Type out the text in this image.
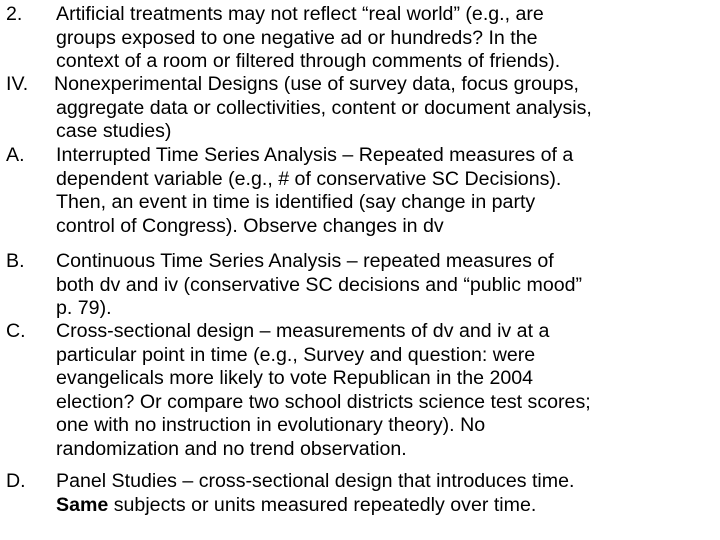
2. Artificial treatments may not reflect “real world” (e.g., are
groups exposed to one negative ad or hundreds? In the
context of a room or filtered through comments of friends).
IV. Nonexperimental Designs (use of survey data, focus groups,
aggregate data or collectivities, content or document analysis,
case studies)
A. Interrupted Time Series Analysis – Repeated measures of a
dependent variable (e.g., # of conservative SC Decisions).
Then, an event in time is identified (say change in party
control of Congress). Observe changes in dv
B. Continuous Time Series Analysis – repeated measures of
both dv and iv (conservative SC decisions and “public mood”
p. 79).
C. Cross-sectional design – measurements of dv and iv at a
particular point in time (e.g., Survey and question: were
evangelicals more likely to vote Republican in the 2004
election? Or compare two school districts science test scores;
one with no instruction in evolutionary theory). No
randomization and no trend observation.
D. Panel Studies – cross-sectional design that introduces time.
Same subjects or units measured repeatedly over time.
